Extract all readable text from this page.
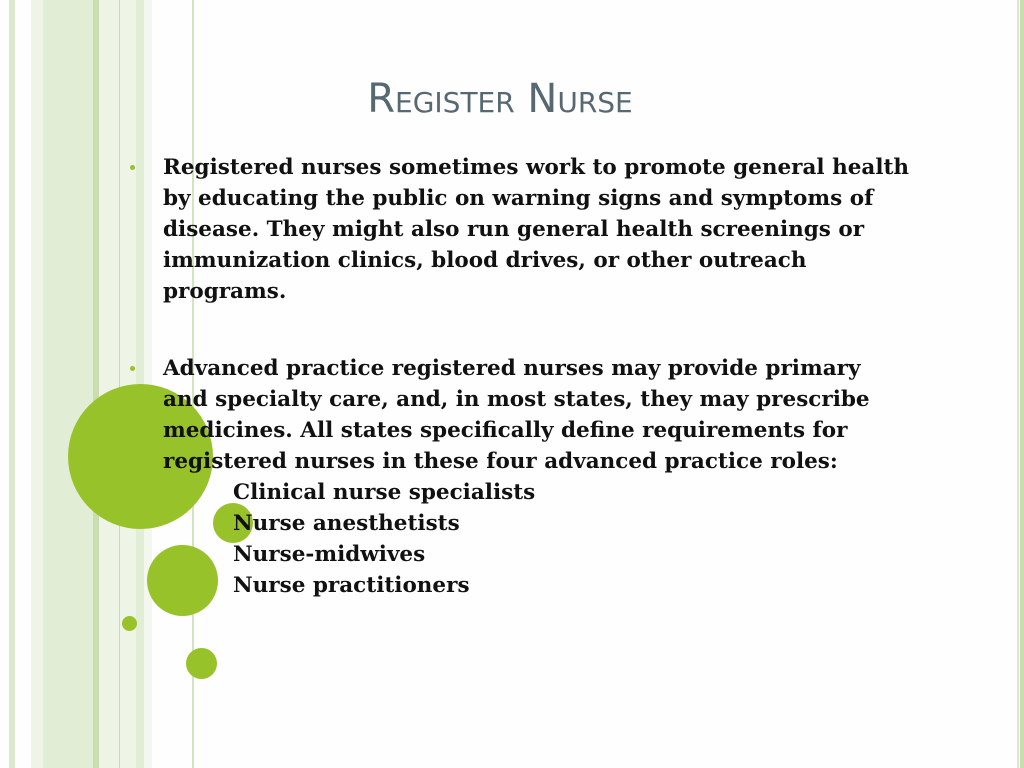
Register Nurse
Registered nurses sometimes work to promote general health by educating the public on warning signs and symptoms of disease. They might also run general health screenings or immunization clinics, blood drives, or other outreach programs.
Advanced practice registered nurses may provide primary and specialty care, and, in most states, they may prescribe medicines. All states specifically define requirements for registered nurses in these four advanced practice roles:
Clinical nurse specialists
Nurse anesthetists
Nurse-midwives
Nurse practitioners
